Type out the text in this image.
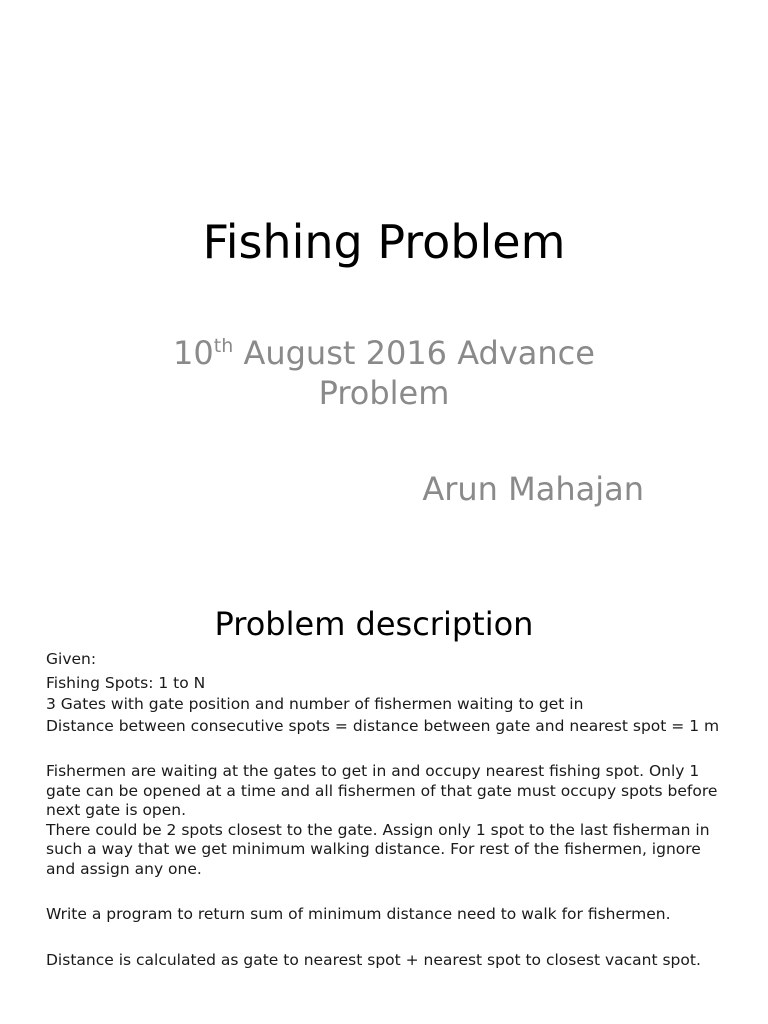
Fishing Problem
10th August 2016 Advance Problem
Arun Mahajan
Problem description

Given:

Fishing Spots: 1 to N

3 Gates with gate position and number of fishermen waiting to get in

Distance between consecutive spots = distance between gate and nearest spot = 1 m

Fishermen are waiting at the gates to get in and occupy nearest fishing spot. Only 1 gate can be opened at a time and all fishermen of that gate must occupy spots before next gate is open.

There could be 2 spots closest to the gate. Assign only 1 spot to the last fisherman in such a way that we get minimum walking distance. For rest of the fishermen, ignore and assign any one.

Write a program to return sum of minimum distance need to walk for fishermen.

Distance is calculated as gate to nearest spot + nearest spot to closest vacant spot.
